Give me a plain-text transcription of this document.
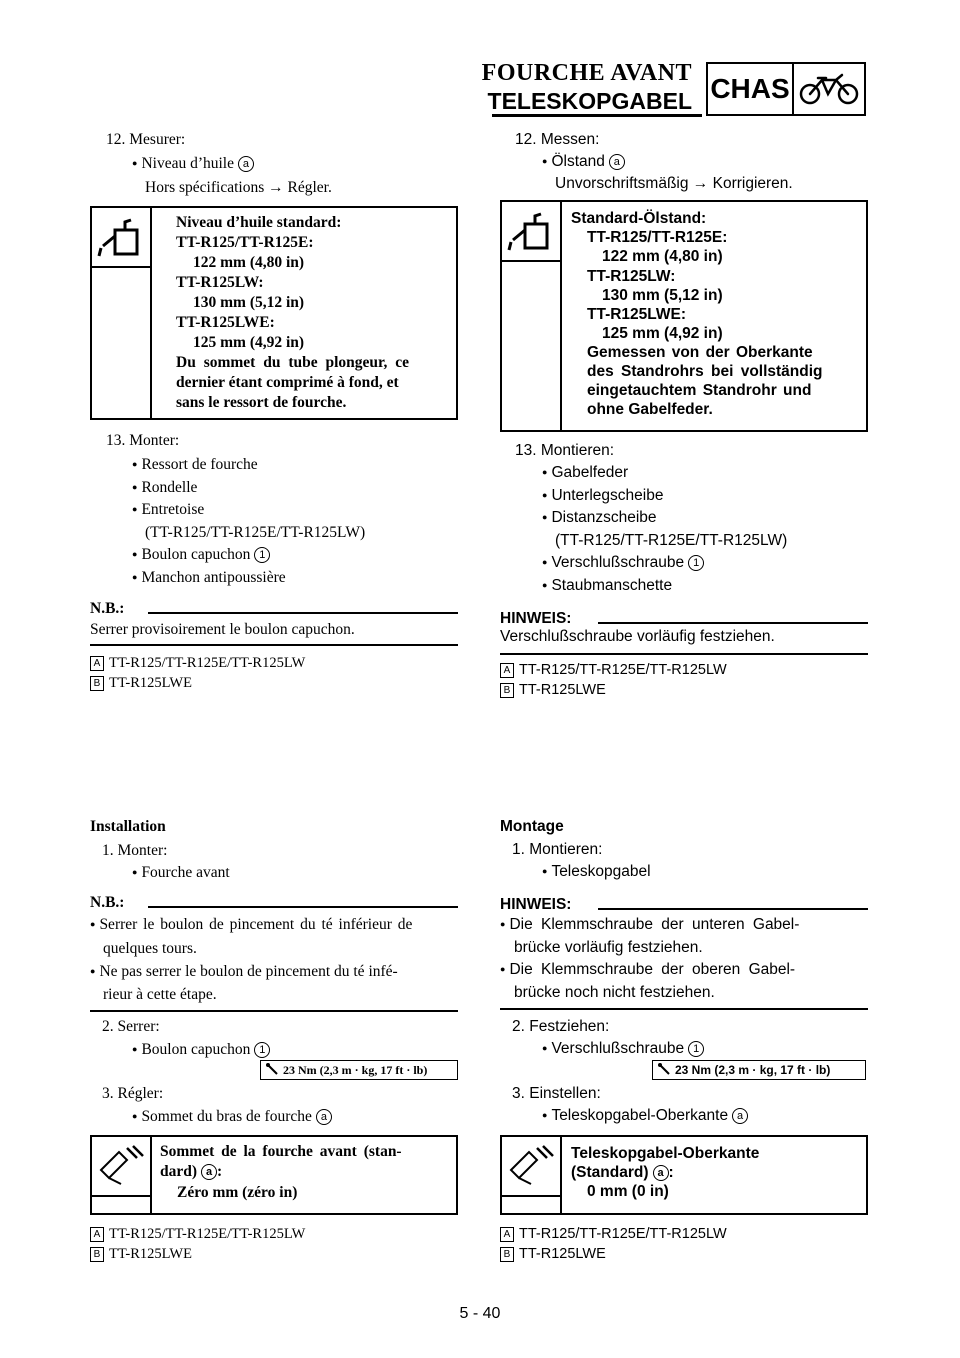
FOURCHE AVANT
TELESKOPGABEL CHAS
12. Mesurer:
● Niveau d’huile a
Hors spécifications → Régler.
Niveau d’huile standard:
TT-R125/TT-R125E:
122 mm (4,80 in)
TT-R125LW:
130 mm (5,12 in)
TT-R125LWE:
125 mm (4,92 in)
Du sommet du tube plongeur, ce
dernier étant comprimé à fond, et
sans le ressort de fourche.
13. Monter:
● Ressort de fourche
● Rondelle
● Entretoise
(TT-R125/TT-R125E/TT-R125LW)
● Boulon capuchon 1
● Manchon antipoussière
N.B.:
Serrer provisoirement le boulon capuchon.
A TT-R125/TT-R125E/TT-R125LW
B TT-R125LWE
Installation
1. Monter:
● Fourche avant
N.B.:
● Serrer le boulon de pincement du té inférieur de
quelques tours.
● Ne pas serrer le boulon de pincement du té infé-
rieur à cette étape.
2. Serrer:
● Boulon capuchon 1
23 Nm (2,3 m · kg, 17 ft · lb)
3. Régler:
● Sommet du bras de fourche a
Sommet de la fourche avant (stan-
dard) a :
Zéro mm (zéro in)
A TT-R125/TT-R125E/TT-R125LW
B TT-R125LWE
12. Messen:
● Ölstand a
Unvorschriftsmäßig → Korrigieren.
Standard-Ölstand:
TT-R125/TT-R125E:
122 mm (4,80 in)
TT-R125LW:
130 mm (5,12 in)
TT-R125LWE:
125 mm (4,92 in)
Gemessen von der Oberkante
des Standrohrs bei vollständig
eingetauchtem Standrohr und
ohne Gabelfeder.
13. Montieren:
● Gabelfeder
● Unterlegscheibe
● Distanzscheibe
(TT-R125/TT-R125E/TT-R125LW)
● Verschlußschraube 1
● Staubmanschette
HINWEIS:
Verschlußschraube vorläufig festziehen.
A TT-R125/TT-R125E/TT-R125LW
B TT-R125LWE
Montage
1. Montieren:
● Teleskopgabel
HINWEIS:
● Die Klemmschraube der unteren Gabel-
brücke vorläufig festziehen.
● Die Klemmschraube der oberen Gabel-
brücke noch nicht festziehen.
2. Festziehen:
● Verschlußschraube 1
23 Nm (2,3 m · kg, 17 ft · lb)
3. Einstellen:
● Teleskopgabel-Oberkante a
Teleskopgabel-Oberkante
(Standard) a :
0 mm (0 in)
A TT-R125/TT-R125E/TT-R125LW
B TT-R125LWE
5 - 40
